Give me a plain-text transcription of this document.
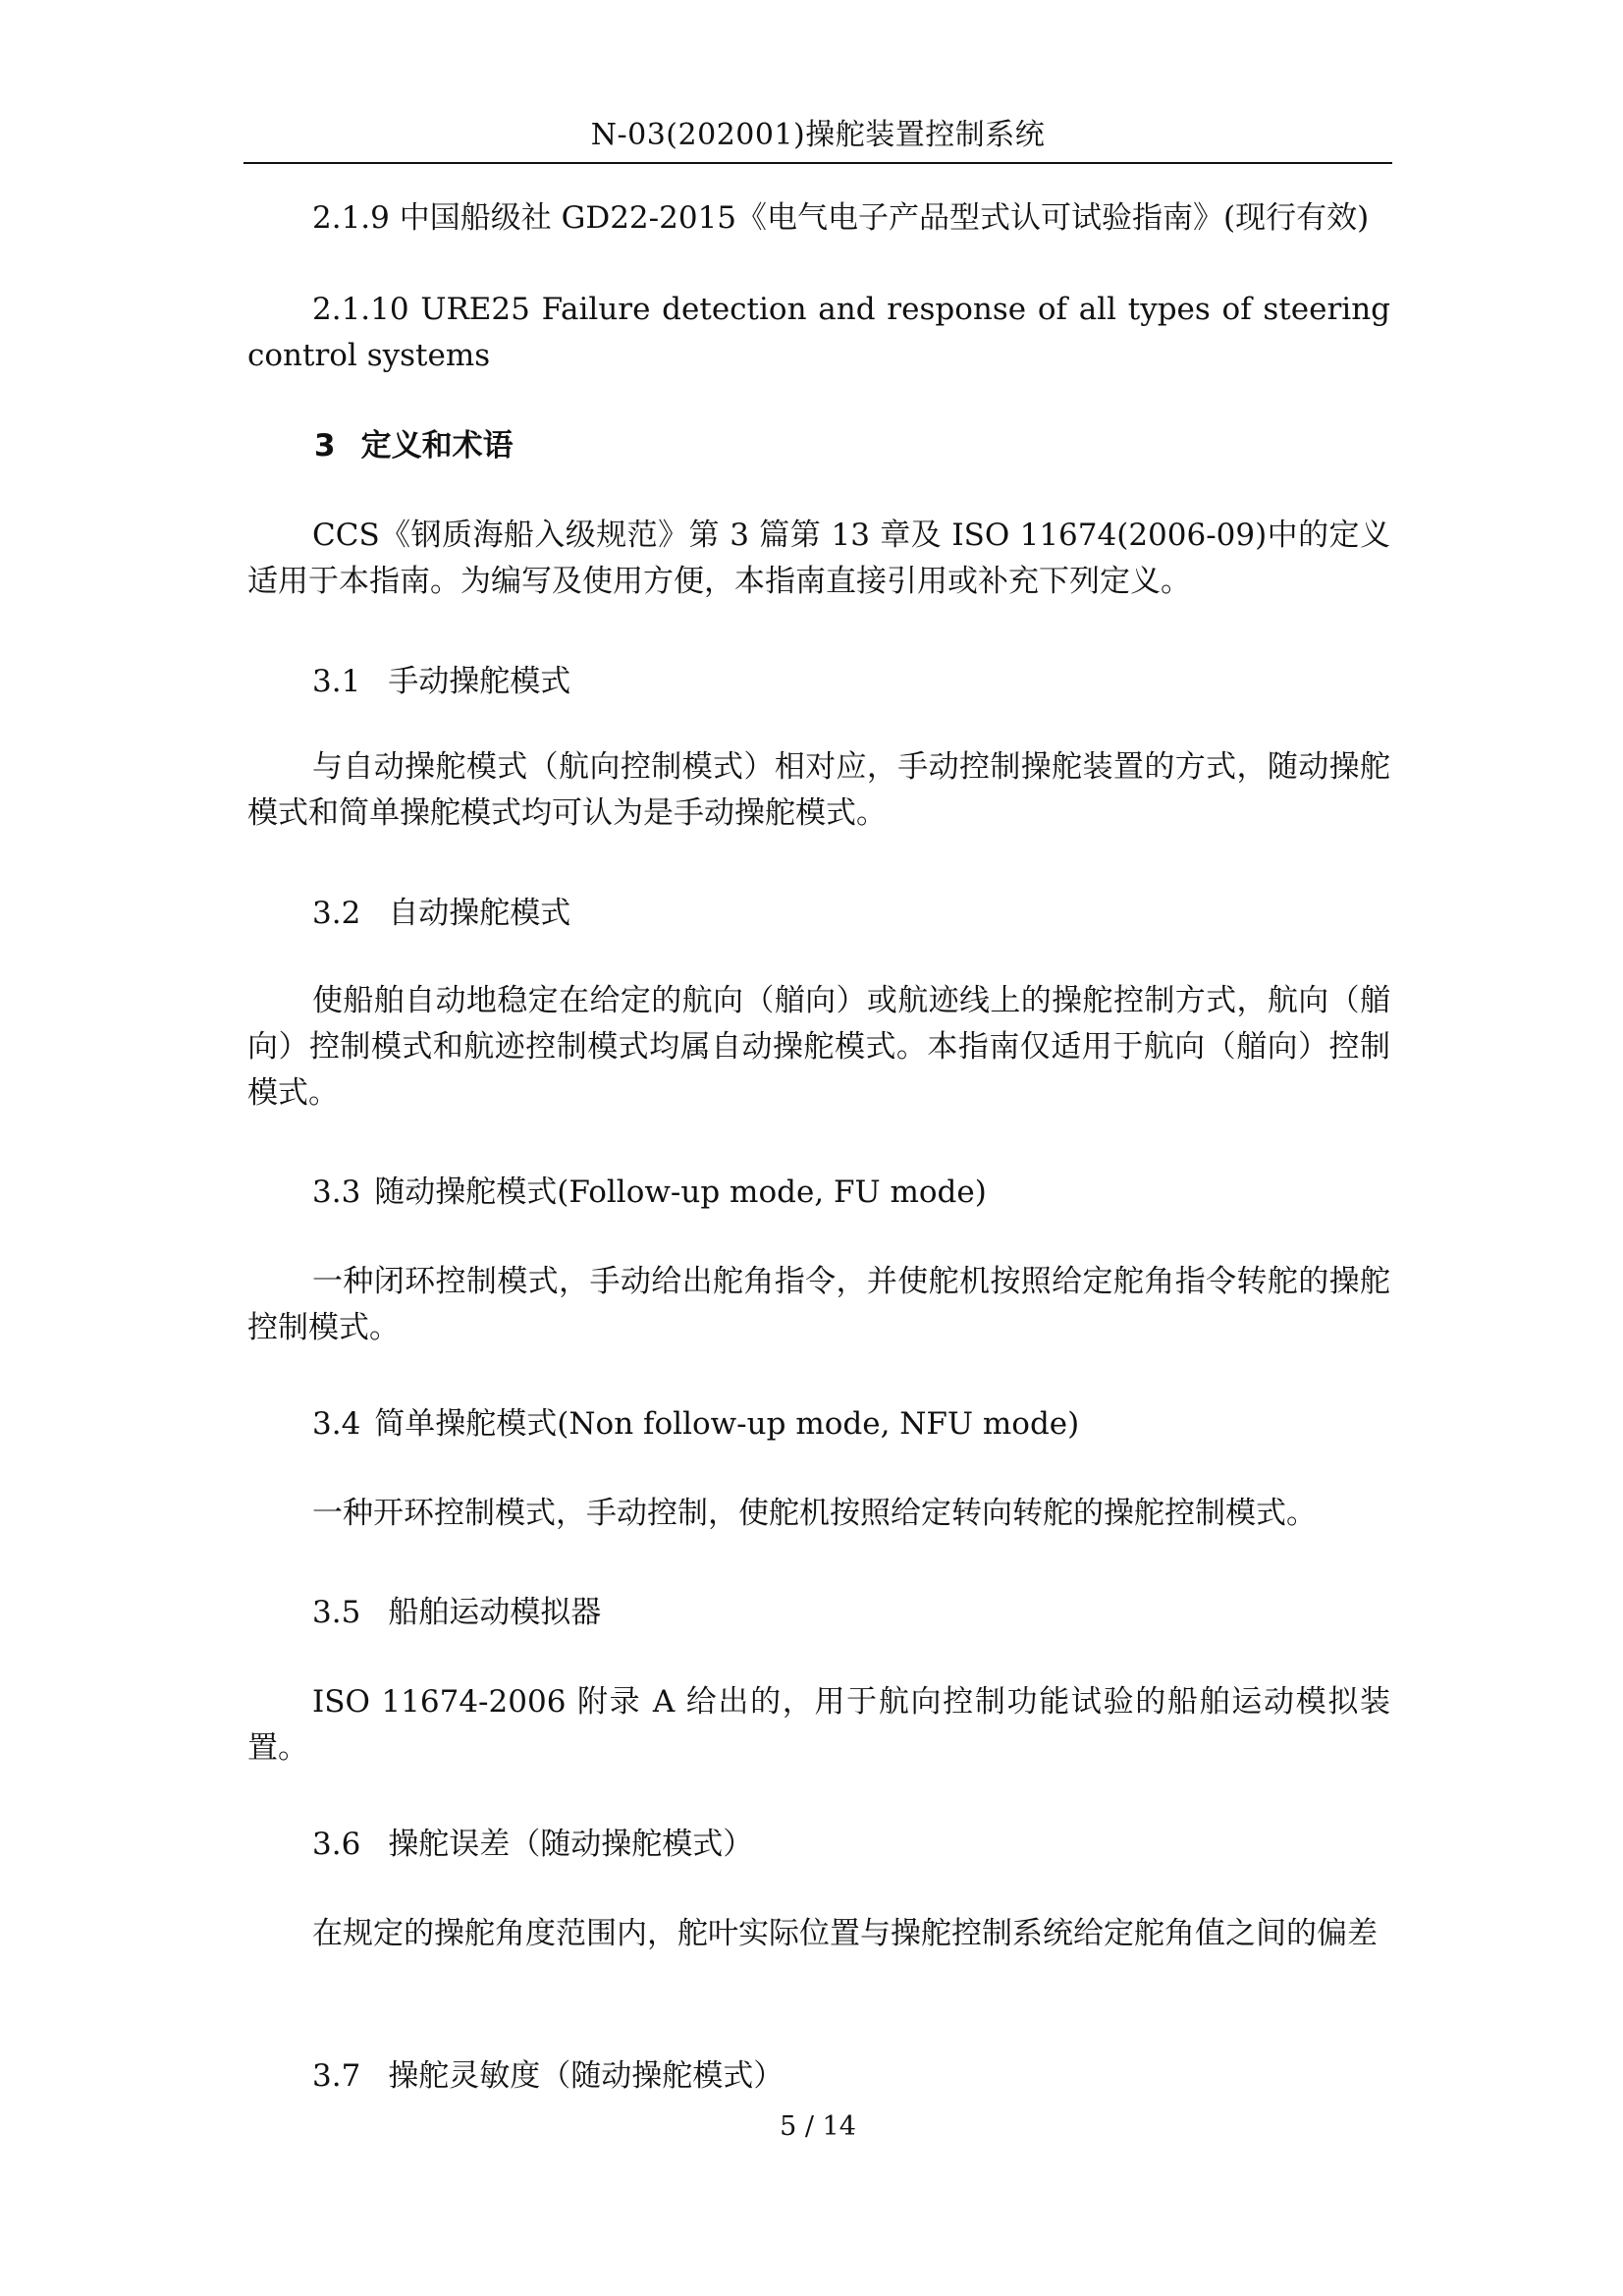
N-03(202001)操舵装置控制系统

2.1.9 中国船级社 GD22-2015《电气电子产品型式认可试验指南》(现行有效)

2.1.10 URE25 Failure detection and response of all types of steering control systems

3 定义和术语

CCS《钢质海船入级规范》第 3 篇第 13 章及 ISO 11674(2006-09)中的定义适用于本指南。为编写及使用方便，本指南直接引用或补充下列定义。

3.1 手动操舵模式

与自动操舵模式（航向控制模式）相对应，手动控制操舵装置的方式，随动操舵模式和简单操舵模式均可认为是手动操舵模式。

3.2 自动操舵模式

使船舶自动地稳定在给定的航向（艏向）或航迹线上的操舵控制方式，航向（艏向）控制模式和航迹控制模式均属自动操舵模式。本指南仅适用于航向（艏向）控制模式。

3.3 随动操舵模式(Follow-up mode, FU mode)

一种闭环控制模式，手动给出舵角指令，并使舵机按照给定舵角指令转舵的操舵控制模式。

3.4 简单操舵模式(Non follow-up mode, NFU mode)

一种开环控制模式，手动控制，使舵机按照给定转向转舵的操舵控制模式。

3.5 船舶运动模拟器

ISO 11674-2006 附录 A 给出的，用于航向控制功能试验的船舶运动模拟装置。

3.6 操舵误差（随动操舵模式）

在规定的操舵角度范围内，舵叶实际位置与操舵控制系统给定舵角值之间的偏差

3.7 操舵灵敏度（随动操舵模式）
5 / 14
